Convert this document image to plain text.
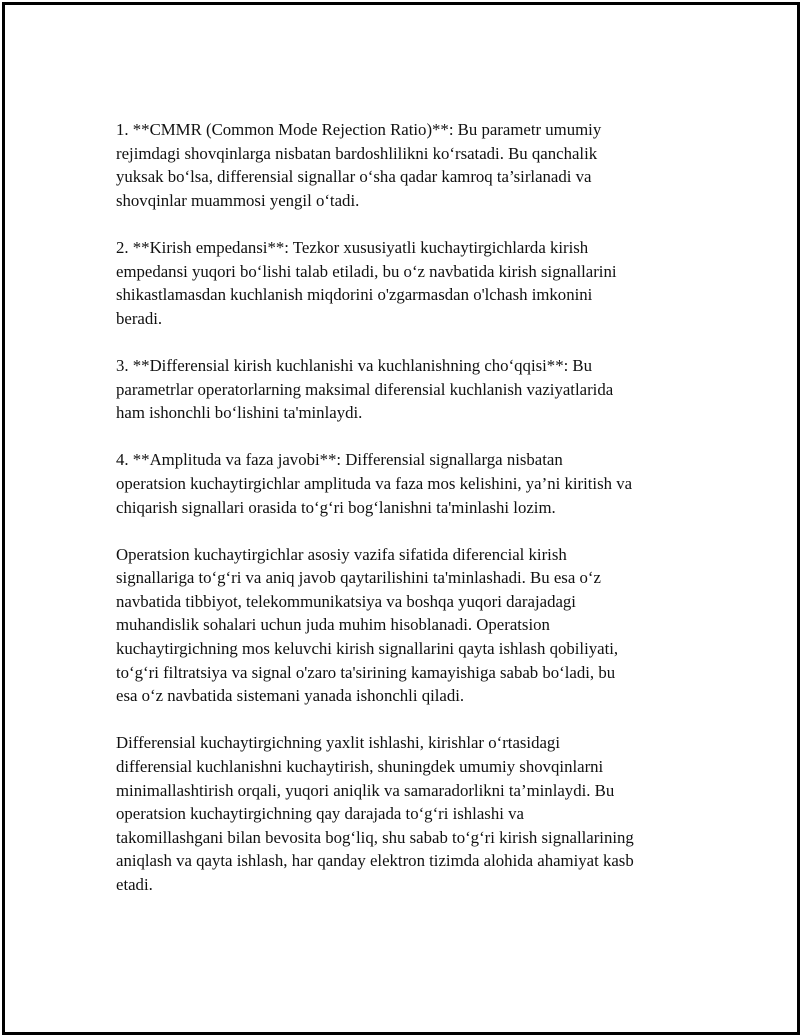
1. **CMMR (Common Mode Rejection Ratio)**: Bu parametr umumiy
rejimdagi shovqinlarga nisbatan bardoshlilikni ko‘rsatadi. Bu qanchalik
yuksak bo‘lsa, differensial signallar o‘sha qadar kamroq ta’sirlanadi va
shovqinlar muammosi yengil o‘tadi.

2. **Kirish empedansi**: Tezkor xususiyatli kuchaytirgichlarda kirish
empedansi yuqori bo‘lishi talab etiladi, bu o‘z navbatida kirish signallarini
shikastlamasdan kuchlanish miqdorini o'zgarmasdan o'lchash imkonini
beradi.

3. **Differensial kirish kuchlanishi va kuchlanishning cho‘qqisi**: Bu
parametrlar operatorlarning maksimal diferensial kuchlanish vaziyatlarida
ham ishonchli bo‘lishini ta'minlaydi.

4. **Amplituda va faza javobi**: Differensial signallarga nisbatan
operatsion kuchaytirgichlar amplituda va faza mos kelishini, ya’ni kiritish va
chiqarish signallari orasida to‘g‘ri bog‘lanishni ta'minlashi lozim.

Operatsion kuchaytirgichlar asosiy vazifa sifatida diferencial kirish
signallariga to‘g‘ri va aniq javob qaytarilishini ta'minlashadi. Bu esa o‘z
navbatida tibbiyot, telekommunikatsiya va boshqa yuqori darajadagi
muhandislik sohalari uchun juda muhim hisoblanadi. Operatsion
kuchaytirgichning mos keluvchi kirish signallarini qayta ishlash qobiliyati,
to‘g‘ri filtratsiya va signal o'zaro ta'sirining kamayishiga sabab bo‘ladi, bu
esa o‘z navbatida sistemani yanada ishonchli qiladi.

Differensial kuchaytirgichning yaxlit ishlashi, kirishlar o‘rtasidagi
differensial kuchlanishni kuchaytirish, shuningdek umumiy shovqinlarni
minimallashtirish orqali, yuqori aniqlik va samaradorlikni ta’minlaydi. Bu
operatsion kuchaytirgichning qay darajada to‘g‘ri ishlashi va
takomillashgani bilan bevosita bog‘liq, shu sabab to‘g‘ri kirish signallarining
aniqlash va qayta ishlash, har qanday elektron tizimda alohida ahamiyat kasb
etadi.
